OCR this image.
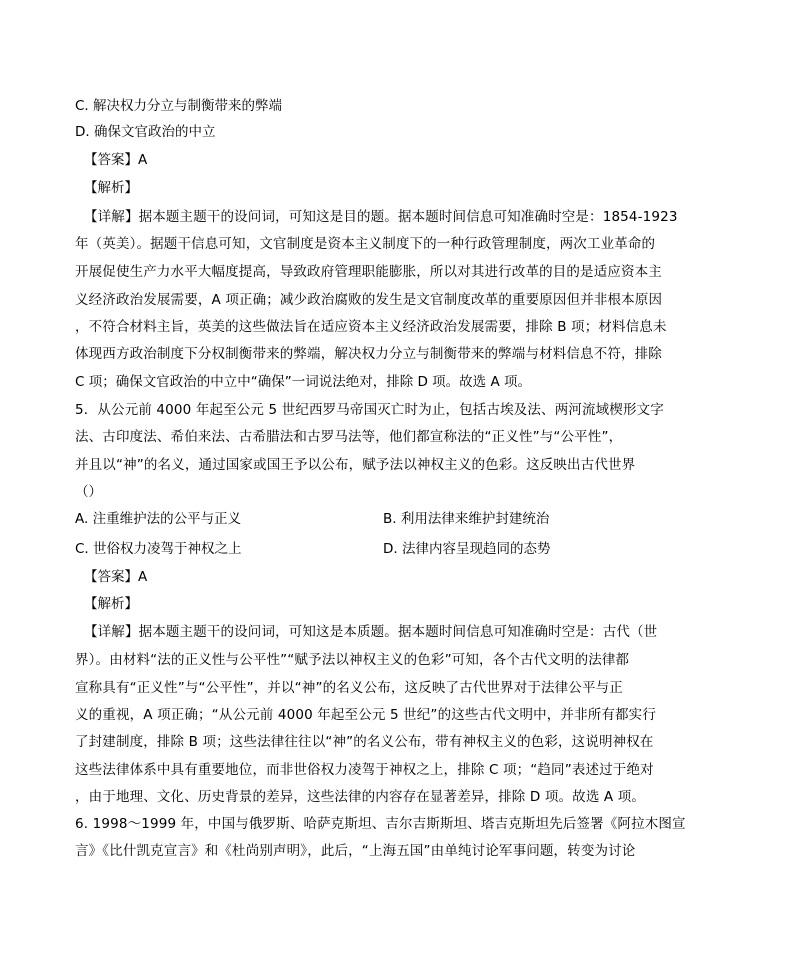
C. 解决权力分立与制衡带来的弊端
D. 确保文官政治的中立
【答案】A
【解析】
【详解】据本题主题干的设问词，可知这是目的题。据本题时间信息可知准确时空是：1854-1923
年（英美）。据题干信息可知，文官制度是资本主义制度下的一种行政管理制度，两次工业革命的
开展促使生产力水平大幅度提高，导致政府管理职能膨胀，所以对其进行改革的目的是适应资本主
义经济政治发展需要，A 项正确；减少政治腐败的发生是文官制度改革的重要原因但并非根本原因
，不符合材料主旨，英美的这些做法旨在适应资本主义经济政治发展需要，排除 B 项；材料信息未
体现西方政治制度下分权制衡带来的弊端，解决权力分立与制衡带来的弊端与材料信息不符，排除
C 项；确保文官政治的中立中“确保”一词说法绝对，排除 D 项。故选 A 项。
5．从公元前 4000 年起至公元 5 世纪西罗马帝国灭亡时为止，包括古埃及法、两河流域楔形文字
法、古印度法、希伯来法、古希腊法和古罗马法等，他们都宣称法的“正义性”与“公平性”，
并且以“神”的名义，通过国家或国王予以公布，赋予法以神权主义的色彩。这反映出古代世界
（）
A. 注重维护法的公平与正义	B. 利用法律来维护封建统治
C. 世俗权力凌驾于神权之上	D. 法律内容呈现趋同的态势
【答案】A
【解析】
【详解】据本题主题干的设问词，可知这是本质题。据本题时间信息可知准确时空是：古代（世
界）。由材料“法的正义性与公平性”“赋予法以神权主义的色彩”可知，各个古代文明的法律都
宣称具有“正义性”与“公平性”，并以“神”的名义公布，这反映了古代世界对于法律公平与正
义的重视，A 项正确；“从公元前 4000 年起至公元 5 世纪”的这些古代文明中，并非所有都实行
了封建制度，排除 B 项；这些法律往往以“神”的名义公布，带有神权主义的色彩，这说明神权在
这些法律体系中具有重要地位，而非世俗权力凌驾于神权之上，排除 C 项；“趋同”表述过于绝对
，由于地理、文化、历史背景的差异，这些法律的内容存在显著差异，排除 D 项。故选 A 项。
6. 1998～1999 年，中国与俄罗斯、哈萨克斯坦、吉尔吉斯斯坦、塔吉克斯坦先后签署《阿拉木图宣
言》《比什凯克宣言》和《杜尚别声明》，此后，“上海五国”由单纯讨论军事问题，转变为讨论
